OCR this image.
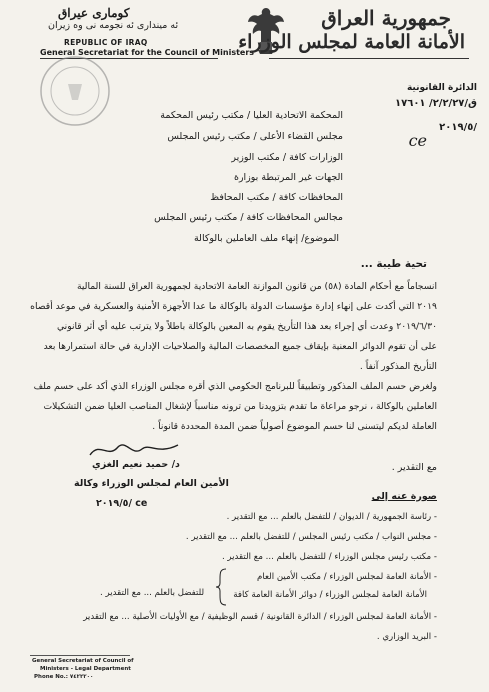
كومارى عيراق
ئه ميندارى ئه نجومه نى وه زيران
REPUBLIC OF IRAQ
General Secretariat for the Council of Ministers
جمهورية العراق
الأمانة العامة لمجلس الوزراء
الدائرة القانونية
ق/٢/٢/٢٧/ ١٧٦٠١
٢٠١٩/٥/
ce
المحكمة الاتحادية العليا / مكتب رئيس المحكمة
مجلس القضاء الأعلى / مكتب رئيس المجلس
الوزارات كافة / مكتب الوزير
الجهات غير المرتبطة بوزارة
المحافظات كافة / مكتب المحافظ
مجالس المحافظات كافة / مكتب رئيس المجلس
الموضوع/ إنهاء ملف العاملين بالوكالة
تحية طيبة ...
انسجاماً مع أحكام المادة (٥٨) من قانون الموازنة العامة الاتحادية لجمهورية العراق للسنة المالية
٢٠١٩ التي أكدت على إنهاء إدارة مؤسسات الدولة بالوكالة ما عدا الأجهزة الأمنية والعسكرية في موعد أقصاه
٢٠١٩/٦/٣٠ وعدت أي إجراء بعد هذا التأريخ يقوم به المعين بالوكالة باطلاً ولا يترتب عليه أي أثر قانوني
على أن تقوم الدوائر المعنية بإيقاف جميع المخصصات المالية والصلاحيات الإدارية في حالة استمرارها بعد
التأريخ المذكور آنفاً .
ولغرض حسم الملف المذكور وتطبيقاً للبرنامج الحكومي الذي أقره مجلس الوزراء الذي أكد على حسم ملف
العاملين بالوكالة ، نرجو مراعاة ما تقدم بتزويدنا من ترونه مناسباً لإشغال المناصب العليا ضمن التشكيلات
العاملة لديكم ليتسنى لنا حسم الموضوع أصولياً ضمن المدة المحددة قانوناً .
د/ حميد نعيم الغزي
الأمين العام لمجلس الوزراء وكالة
٢٠١٩/٥/ ce
مع التقدير .
صورة عنه إلى
- رئاسة الجمهورية / الديوان / للتفضل بالعلم ... مع التقدير .
- مجلس النواب / مكتب رئيس المجلس / للتفضل بالعلم ... مع التقدير .
- مكتب رئيس مجلس الوزراء / للتفضل بالعلم ... مع التقدير .
- الأمانة العامة لمجلس الوزراء / مكتب الأمين العام
الأمانة العامة لمجلس الوزراء / دوائر الأمانة العامة كافة
- الأمانة العامة لمجلس الوزراء / الدائرة القانونية / قسم الوظيفية / مع الأوليات الأصلية ... مع التقدير
- البريد الوزاري .
للتفضل بالعلم ... مع التقدير .
General Secretariat of Council of
Ministers - Legal Department
Phone No.: ٧٤٢٢٢٠٠
